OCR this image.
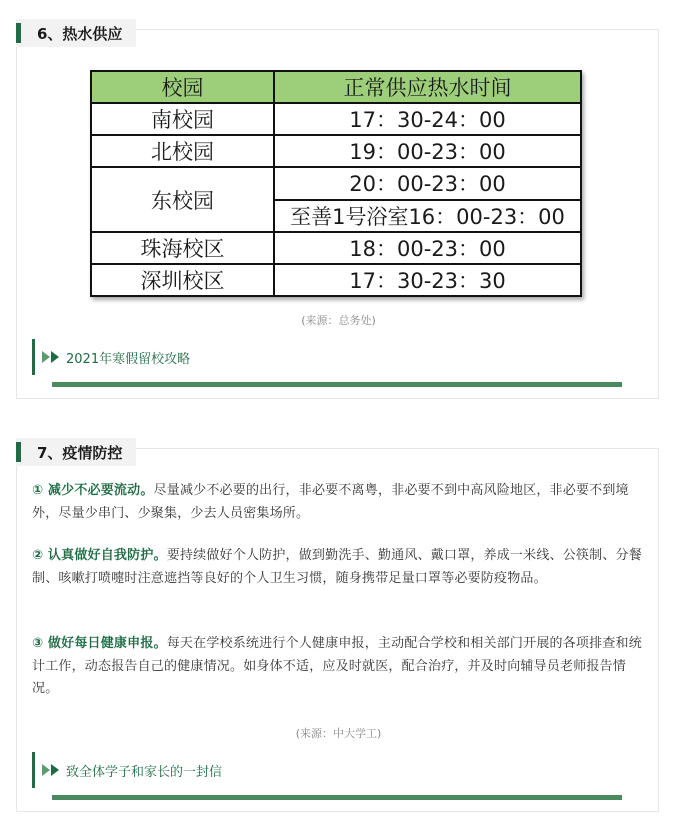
6、热水供应
校园	正常供应热水时间
南校园	17：30-24：00
北校园	19：00-23：00
东校园	20：00-23：00
	至善1号浴室16：00-23：00
珠海校区	18：00-23：00
深圳校区	17：30-23：30
(来源：总务处)
2021年寒假留校攻略
7、疫情防控
① 减少不必要流动。尽量减少不必要的出行，非必要不离粤，非必要不到中高风险地区，非必要不到境外，尽量少串门、少聚集，少去人员密集场所。
② 认真做好自我防护。要持续做好个人防护，做到勤洗手、勤通风、戴口罩，养成一米线、公筷制、分餐制、咳嗽打喷嚏时注意遮挡等良好的个人卫生习惯，随身携带足量口罩等必要防疫物品。
③ 做好每日健康申报。每天在学校系统进行个人健康申报，主动配合学校和相关部门开展的各项排查和统计工作，动态报告自己的健康情况。如身体不适，应及时就医，配合治疗，并及时向辅导员老师报告情况。
(来源：中大学工)
致全体学子和家长的一封信
